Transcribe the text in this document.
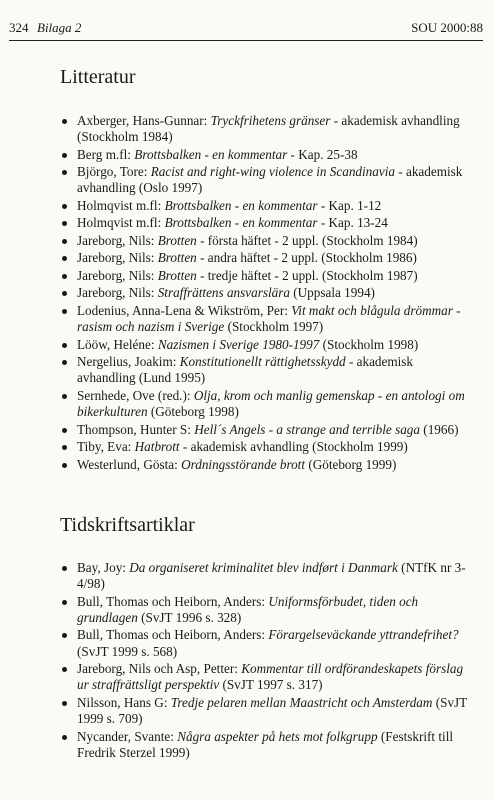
324 Bilaga 2	SOU 2000:88
Litteratur
Axberger, Hans-Gunnar: Tryckfrihetens gränser - akademisk avhandling (Stockholm 1984)
Berg m.fl: Brottsbalken - en kommentar - Kap. 25-38
Björgo, Tore: Racist and right-wing violence in Scandinavia - akademisk avhandling (Oslo 1997)
Holmqvist m.fl: Brottsbalken - en kommentar - Kap. 1-12
Holmqvist m.fl: Brottsbalken - en kommentar - Kap. 13-24
Jareborg, Nils: Brotten - första häftet - 2 uppl. (Stockholm 1984)
Jareborg, Nils: Brotten - andra häftet - 2 uppl. (Stockholm 1986)
Jareborg, Nils: Brotten - tredje häftet - 2 uppl. (Stockholm 1987)
Jareborg, Nils: Straffrättens ansvarslära (Uppsala 1994)
Lodenius, Anna-Lena & Wikström, Per: Vit makt och blågula drömmar - rasism och nazism i Sverige (Stockholm 1997)
Lööw, Heléne: Nazismen i Sverige 1980-1997 (Stockholm 1998)
Nergelius, Joakim: Konstitutionellt rättighetsskydd - akademisk avhandling (Lund 1995)
Sernhede, Ove (red.): Olja, krom och manlig gemenskap - en antologi om bikerkulturen (Göteborg 1998)
Thompson, Hunter S: Hell´s Angels - a strange and terrible saga (1966)
Tiby, Eva: Hatbrott - akademisk avhandling (Stockholm 1999)
Westerlund, Gösta: Ordningsstörande brott (Göteborg 1999)
Tidskriftsartiklar
Bay, Joy: Da organiseret kriminalitet blev indført i Danmark (NTfK nr 3-4/98)
Bull, Thomas och Heiborn, Anders: Uniformsförbudet, tiden och grundlagen (SvJT 1996 s. 328)
Bull, Thomas och Heiborn, Anders: Förargelseväckande yttrandefrihet? (SvJT 1999 s. 568)
Jareborg, Nils och Asp, Petter: Kommentar till ordförandeskapets förslag ur straffrättsligt perspektiv (SvJT 1997 s. 317)
Nilsson, Hans G: Tredje pelaren mellan Maastricht och Amsterdam (SvJT 1999 s. 709)
Nycander, Svante: Några aspekter på hets mot folkgrupp (Festskrift till Fredrik Sterzel 1999)
